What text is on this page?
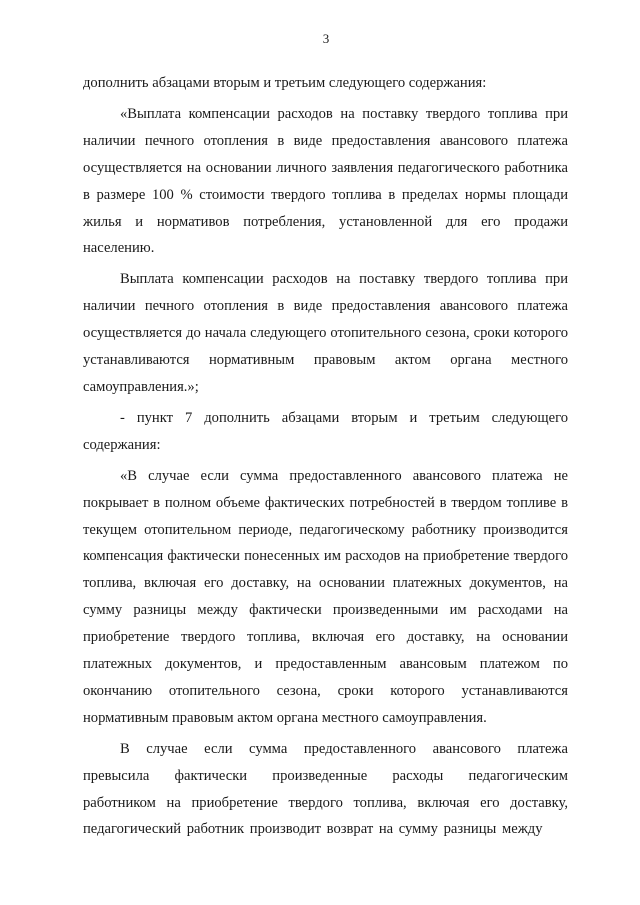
3

дополнить абзацами вторым и третьим следующего содержания:

«Выплата компенсации расходов на поставку твердого топлива при наличии печного отопления в виде предоставления авансового платежа осуществляется на основании личного заявления педагогического работника в размере 100 % стоимости твердого топлива в пределах нормы площади жилья и нормативов потребления, установленной для его продажи населению.

Выплата компенсации расходов на поставку твердого топлива при наличии печного отопления в виде предоставления авансового платежа осуществляется до начала следующего отопительного сезона, сроки которого устанавливаются нормативным правовым актом органа местного самоуправления.»;

- пункт 7 дополнить абзацами вторым и третьим следующего содержания:

«В случае если сумма предоставленного авансового платежа не покрывает в полном объеме фактических потребностей в твердом топливе в текущем отопительном периоде, педагогическому работнику производится компенсация фактически понесенных им расходов на приобретение твердого топлива, включая его доставку, на основании платежных документов, на сумму разницы между фактически произведенными им расходами на приобретение твердого топлива, включая его доставку, на основании платежных документов, и предоставленным авансовым платежом по окончанию отопительного сезона, сроки которого устанавливаются нормативным правовым актом органа местного самоуправления.

В случае если сумма предоставленного авансового платежа превысила фактически произведенные расходы педагогическим работником на приобретение твердого топлива, включая его доставку, педагогический работник производит возврат на сумму разницы между
